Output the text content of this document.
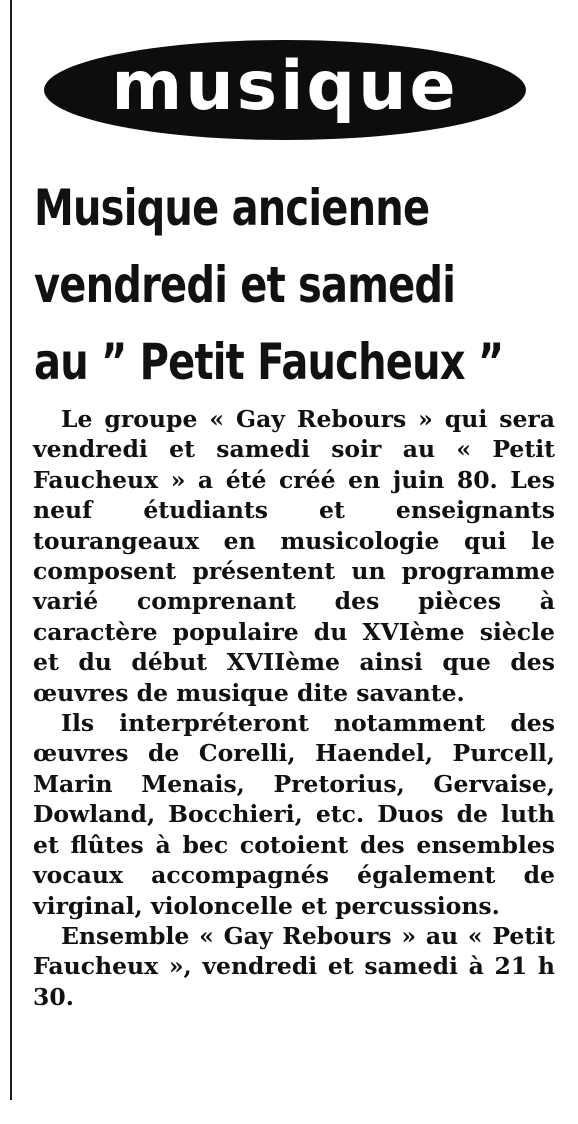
musique
Musique ancienne
vendredi et samedi
au ” Petit Faucheux ”

Le groupe « Gay Rebours » qui sera vendredi et samedi soir au « Petit Faucheux » a été créé en juin 80. Les neuf étudiants et enseignants tourangeaux en musicologie qui le composent présentent un programme varié comprenant des pièces à caractère populaire du XVIème siècle et du début XVIIème ainsi que des œuvres de musique dite savante.

Ils interpréteront notamment des œuvres de Corelli, Haendel, Purcell, Marin Menais, Pretorius, Gervaise, Dowland, Bocchieri, etc. Duos de luth et flûtes à bec cotoient des ensembles vocaux accompagnés également de virginal, violoncelle et percussions.

Ensemble « Gay Rebours » au « Petit Faucheux », vendredi et samedi à 21 h 30.
